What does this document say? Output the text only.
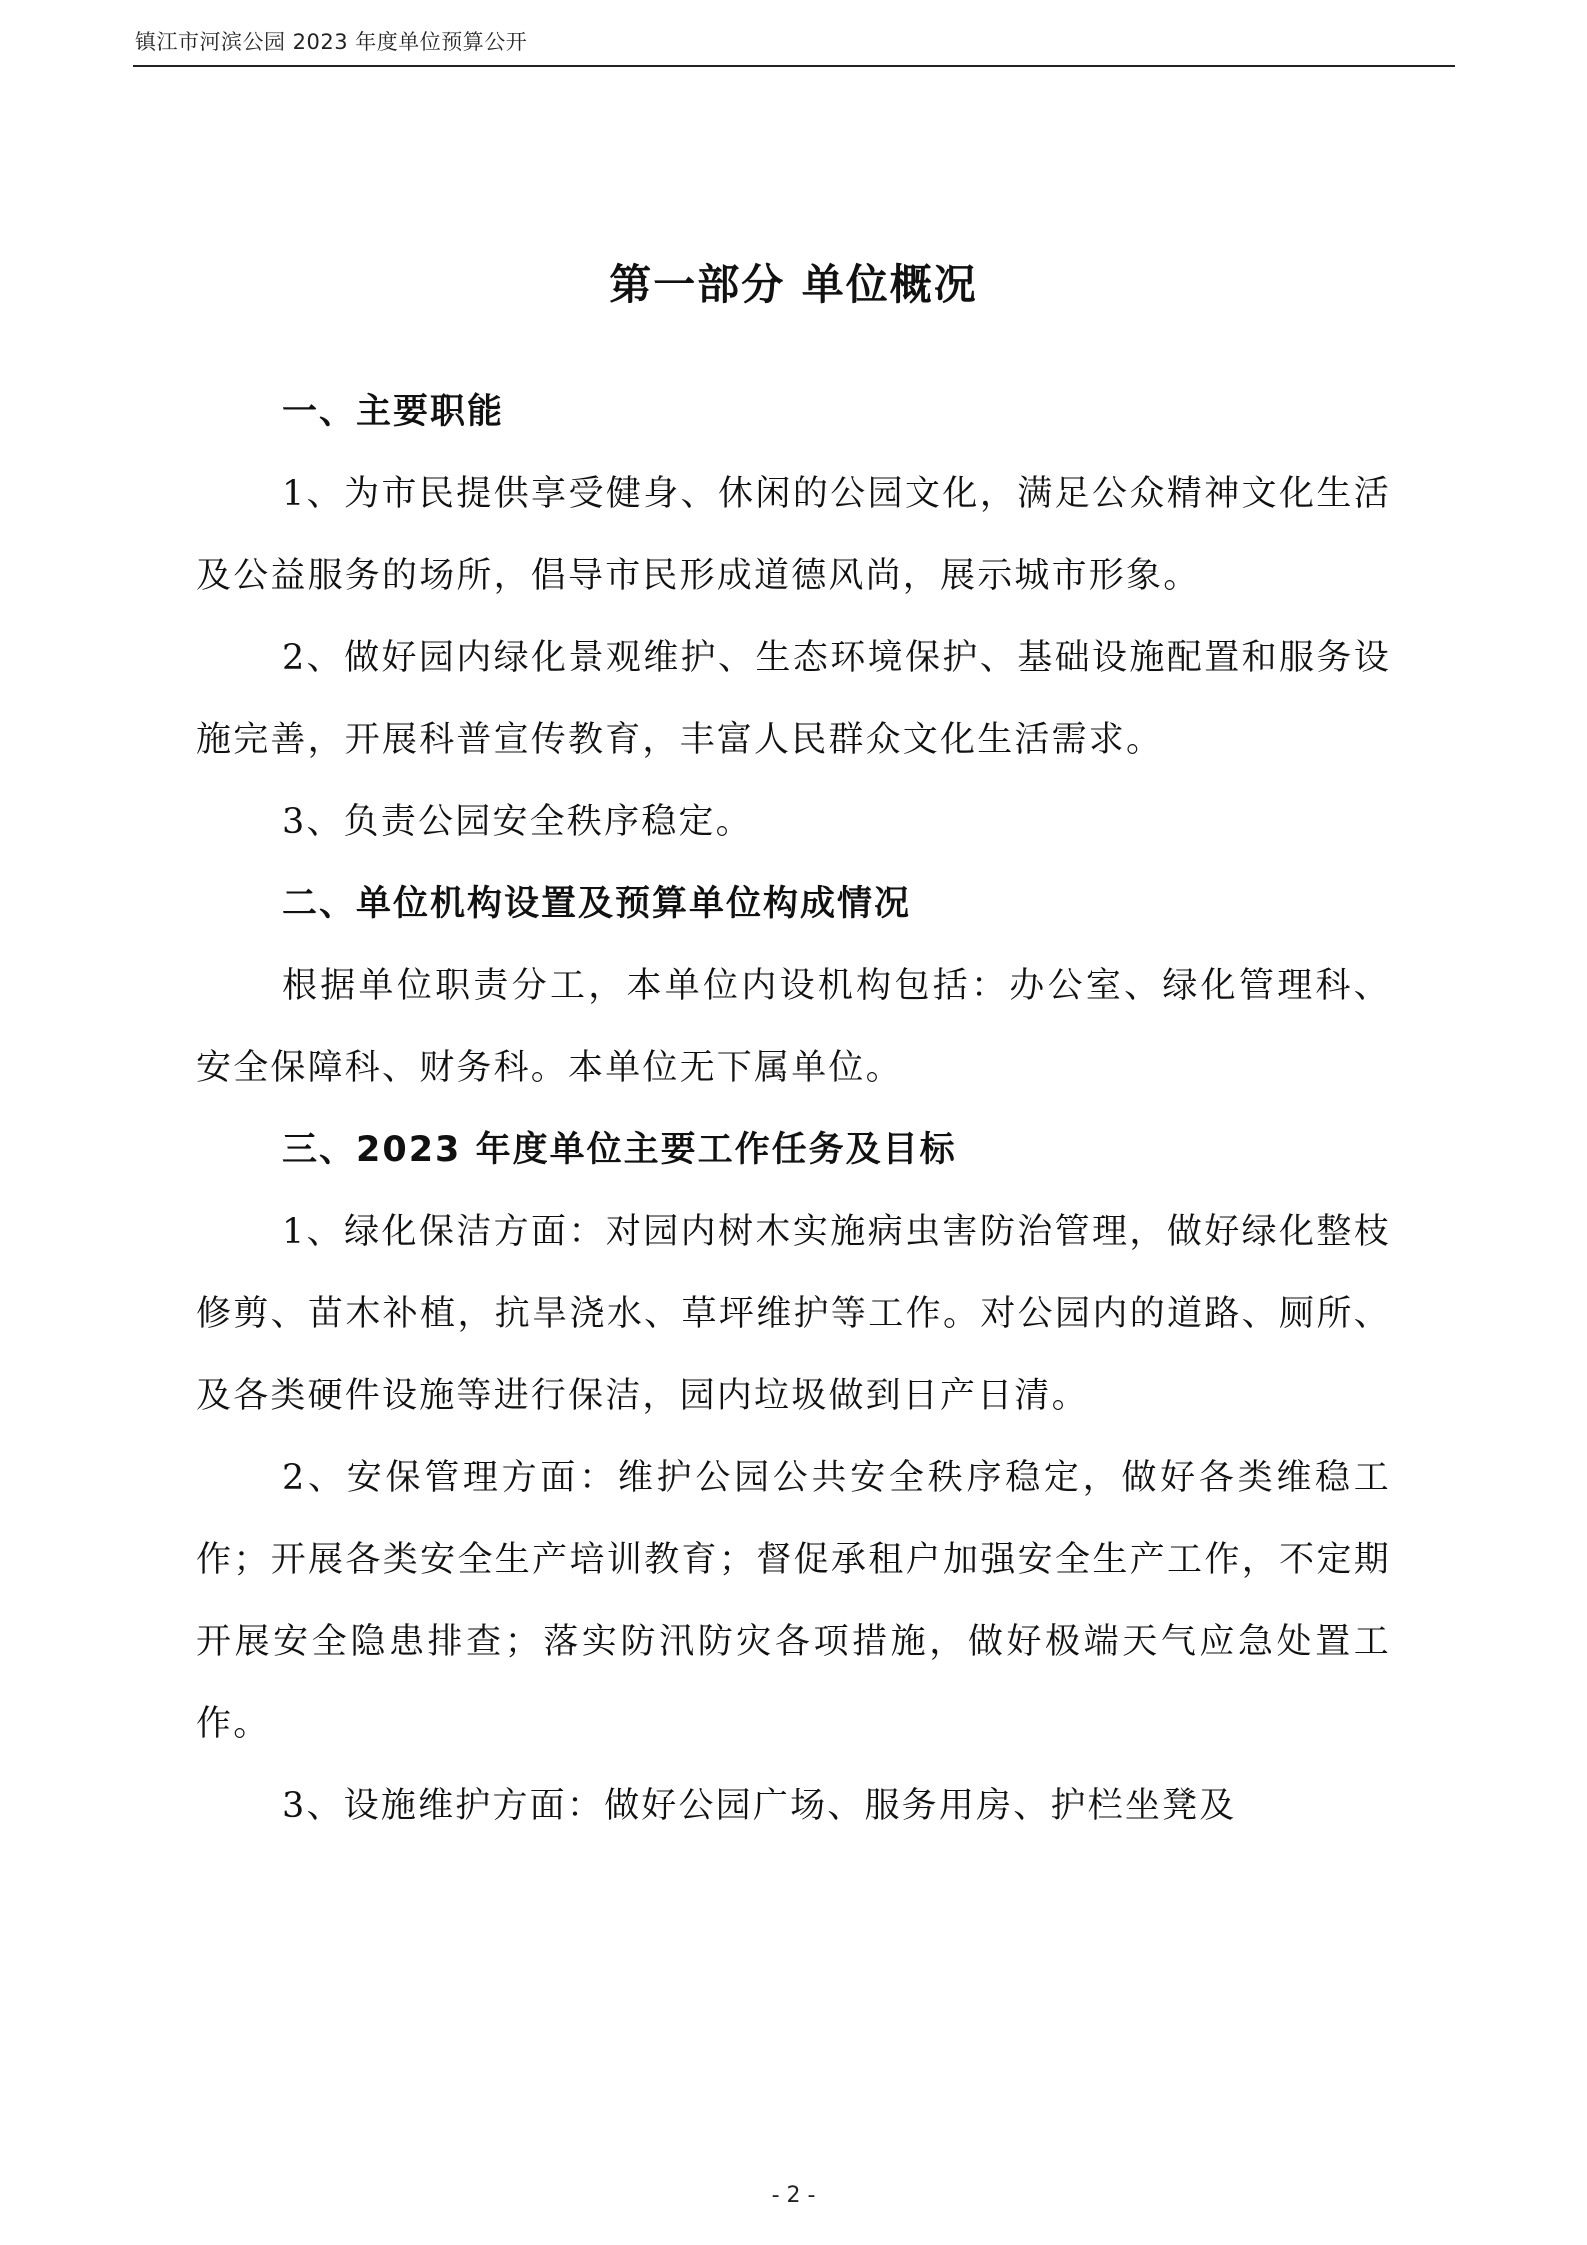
镇江市河滨公园 2023 年度单位预算公开
第一部分 单位概况

一、主要职能

1、为市民提供享受健身、休闲的公园文化，满足公众精神文化生活及公益服务的场所，倡导市民形成道德风尚，展示城市形象。

2、做好园内绿化景观维护、生态环境保护、基础设施配置和服务设施完善，开展科普宣传教育，丰富人民群众文化生活需求。

3、负责公园安全秩序稳定。

二、单位机构设置及预算单位构成情况

根据单位职责分工，本单位内设机构包括：办公室、绿化管理科、安全保障科、财务科。本单位无下属单位。

三、2023 年度单位主要工作任务及目标

1、绿化保洁方面：对园内树木实施病虫害防治管理，做好绿化整枝修剪、苗木补植，抗旱浇水、草坪维护等工作。对公园内的道路、厕所、及各类硬件设施等进行保洁，园内垃圾做到日产日清。

2、安保管理方面：维护公园公共安全秩序稳定，做好各类维稳工作；开展各类安全生产培训教育；督促承租户加强安全生产工作，不定期开展安全隐患排查；落实防汛防灾各项措施，做好极端天气应急处置工作。

3、设施维护方面：做好公园广场、服务用房、护栏坐凳及

- 2 -
